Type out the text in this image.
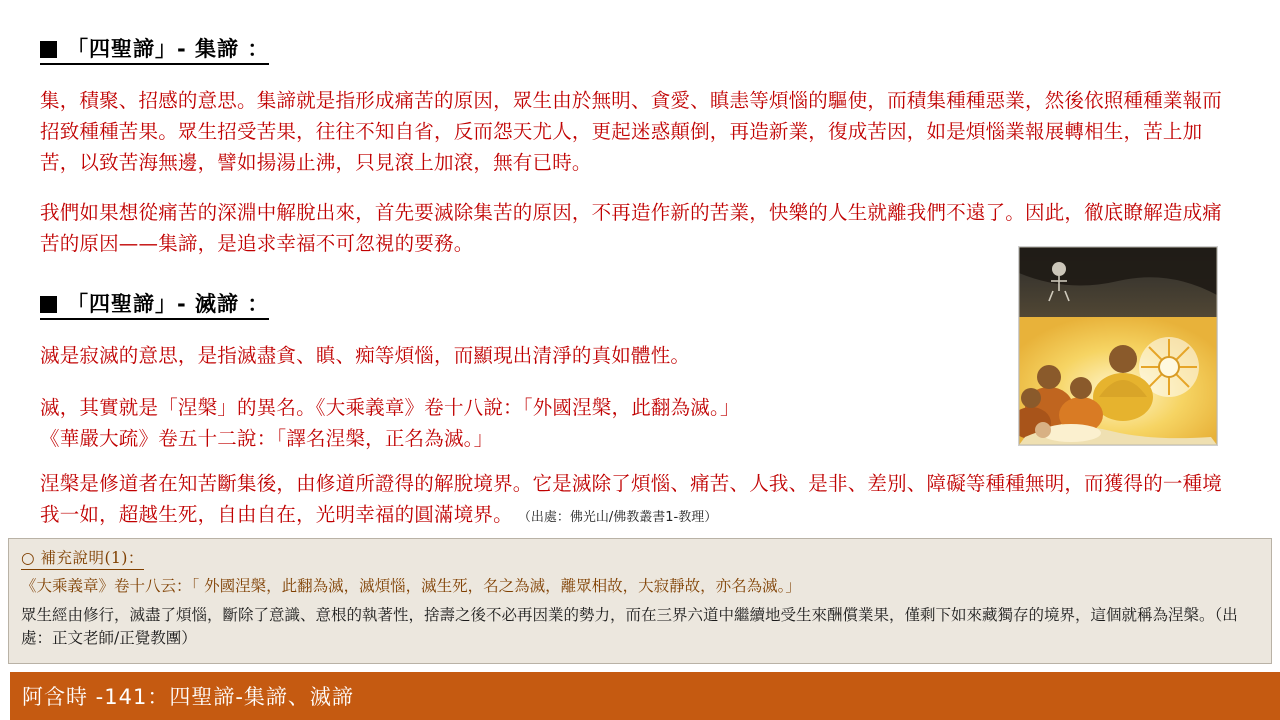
「四聖諦」- 集諦 ：
集，積聚、招感的意思。集諦就是指形成痛苦的原因，眾生由於無明、貪愛、瞋恚等煩惱的驅使，而積集種種惡業，然後依照種種業報而招致種種苦果。眾生招受苦果，往往不知自省，反而怨天尤人，更起迷惑顛倒，再造新業，復成苦因，如是煩惱業報展轉相生，苦上加苦，以致苦海無邊，譬如揚湯止沸，只見滾上加滾，無有已時。
我們如果想從痛苦的深淵中解脫出來，首先要滅除集苦的原因，不再造作新的苦業，快樂的人生就離我們不遠了。因此，徹底瞭解造成痛苦的原因——集諦，是追求幸福不可忽視的要務。
「四聖諦」- 滅諦 ：
滅是寂滅的意思，是指滅盡貪、瞋、痴等煩惱，而顯現出清淨的真如體性。
滅，其實就是「涅槃」的異名。《大乘義章》卷十八說：「外國涅槃，此翻為滅。」
《華嚴大疏》卷五十二說：「譯名涅槃，正名為滅。」
涅槃是修道者在知苦斷集後，由修道所證得的解脫境界。它是滅除了煩惱、痛苦、人我、是非、差別、障礙等種種無明，而獲得的一種境我一如，超越生死，自由自在，光明幸福的圓滿境界。 （出處：佛光山/佛教叢書1-教理）
○ 補充說明(1)：
《大乘義章》卷十八云：「 外國涅槃，此翻為滅，滅煩惱，滅生死，名之為滅，離眾相故，大寂靜故，亦名為滅。」
眾生經由修行，滅盡了煩惱，斷除了意識、意根的執著性，捨壽之後不必再因業的勢力，而在三界六道中繼續地受生來酬償業果，僅剩下如來藏獨存的境界，這個就稱為涅槃。（出處：正文老師/正覺教團）
阿含時 -141：四聖諦-集諦、滅諦
